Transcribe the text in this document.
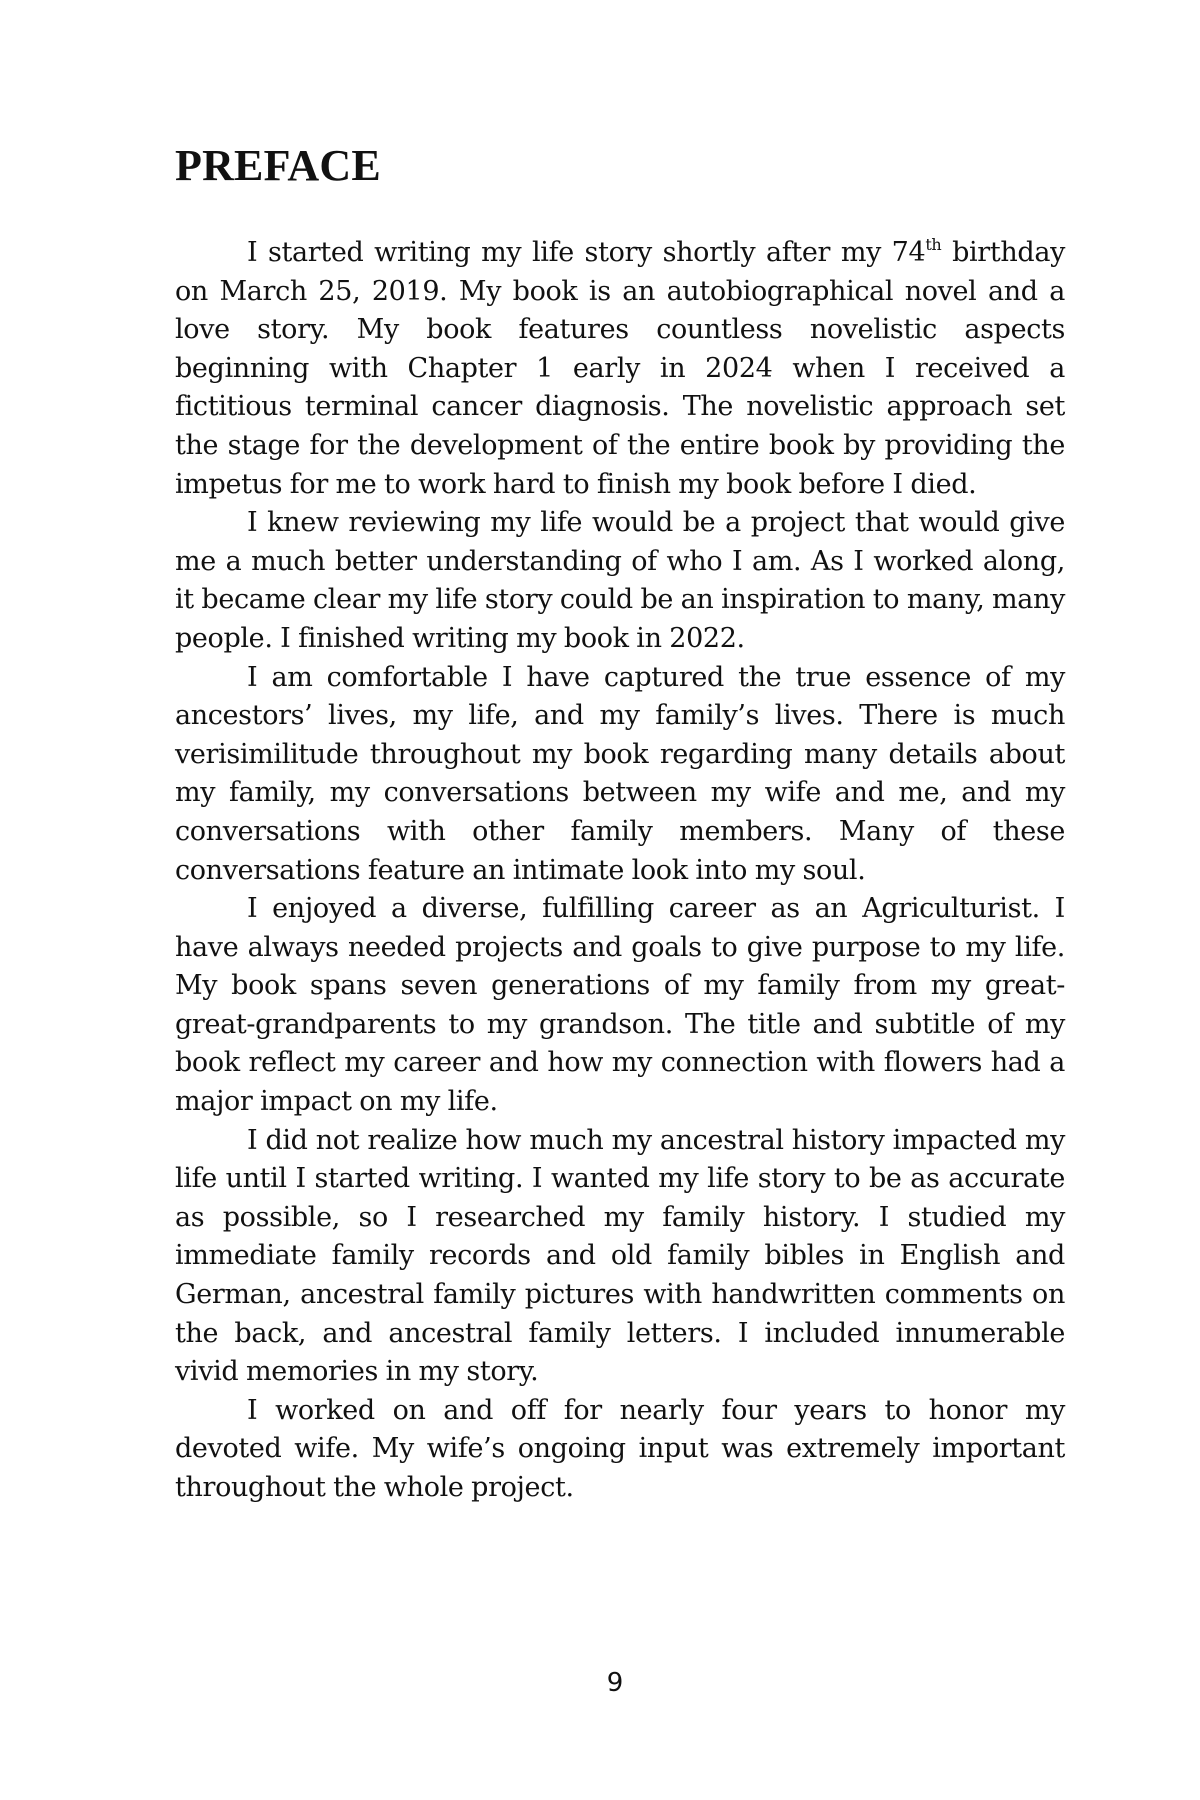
PREFACE

I started writing my life story shortly after my 74th birthday on March 25, 2019. My book is an autobiographical novel and a love story. My book features countless novelistic aspects beginning with Chapter 1 early in 2024 when I received a fictitious terminal cancer diagnosis. The novelistic approach set the stage for the development of the entire book by providing the impetus for me to work hard to finish my book before I died.

I knew reviewing my life would be a project that would give me a much better understanding of who I am. As I worked along, it became clear my life story could be an inspiration to many, many people. I finished writing my book in 2022.

I am comfortable I have captured the true essence of my ancestors’ lives, my life, and my family’s lives. There is much verisimilitude throughout my book regarding many details about my family, my conversations between my wife and me, and my conversations with other family members. Many of these conversations feature an intimate look into my soul.

I enjoyed a diverse, fulfilling career as an Agriculturist. I have always needed projects and goals to give purpose to my life. My book spans seven generations of my family from my great-great-grandparents to my grandson. The title and subtitle of my book reflect my career and how my connection with flowers had a major impact on my life.

I did not realize how much my ancestral history impacted my life until I started writing. I wanted my life story to be as accurate as possible, so I researched my family history. I studied my immediate family records and old family bibles in English and German, ancestral family pictures with handwritten comments on the back, and ancestral family letters. I included innumerable vivid memories in my story.

I worked on and off for nearly four years to honor my devoted wife. My wife’s ongoing input was extremely important throughout the whole project.

9
